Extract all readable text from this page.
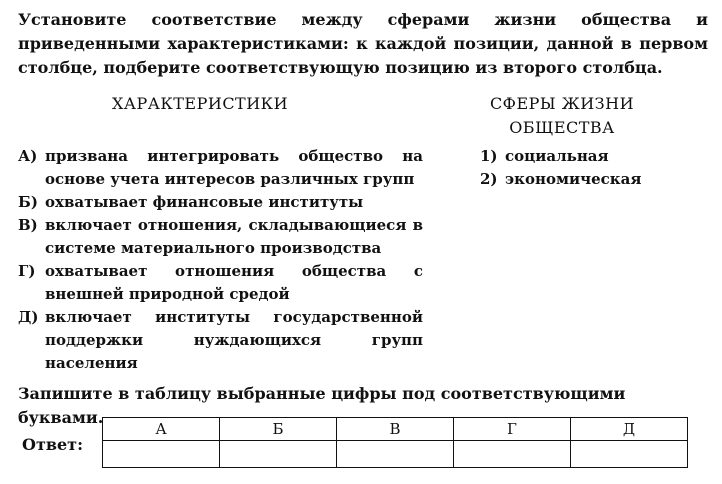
Установите соответствие между сферами жизни общества и приведенными характеристиками: к каждой позиции, данной в первом столбце, подберите соответствующую позицию из второго столбца.
ХАРАКТЕРИСТИКИ	СФЕРЫ ЖИЗНИ
ОБЩЕСТВА
А) призвана интегрировать общество на основе учета интересов различных групп
Б) охватывает финансовые институты
В) включает отношения, складывающиеся в системе материального производства
Г) охватывает отношения общества с внешней природной средой
Д) включает институты государственной поддержки нуждающихся групп населения
1) социальная
2) экономическая
Запишите в таблицу выбранные цифры под соответствующими буквами.
Ответ:
А	Б	В	Г	Д
